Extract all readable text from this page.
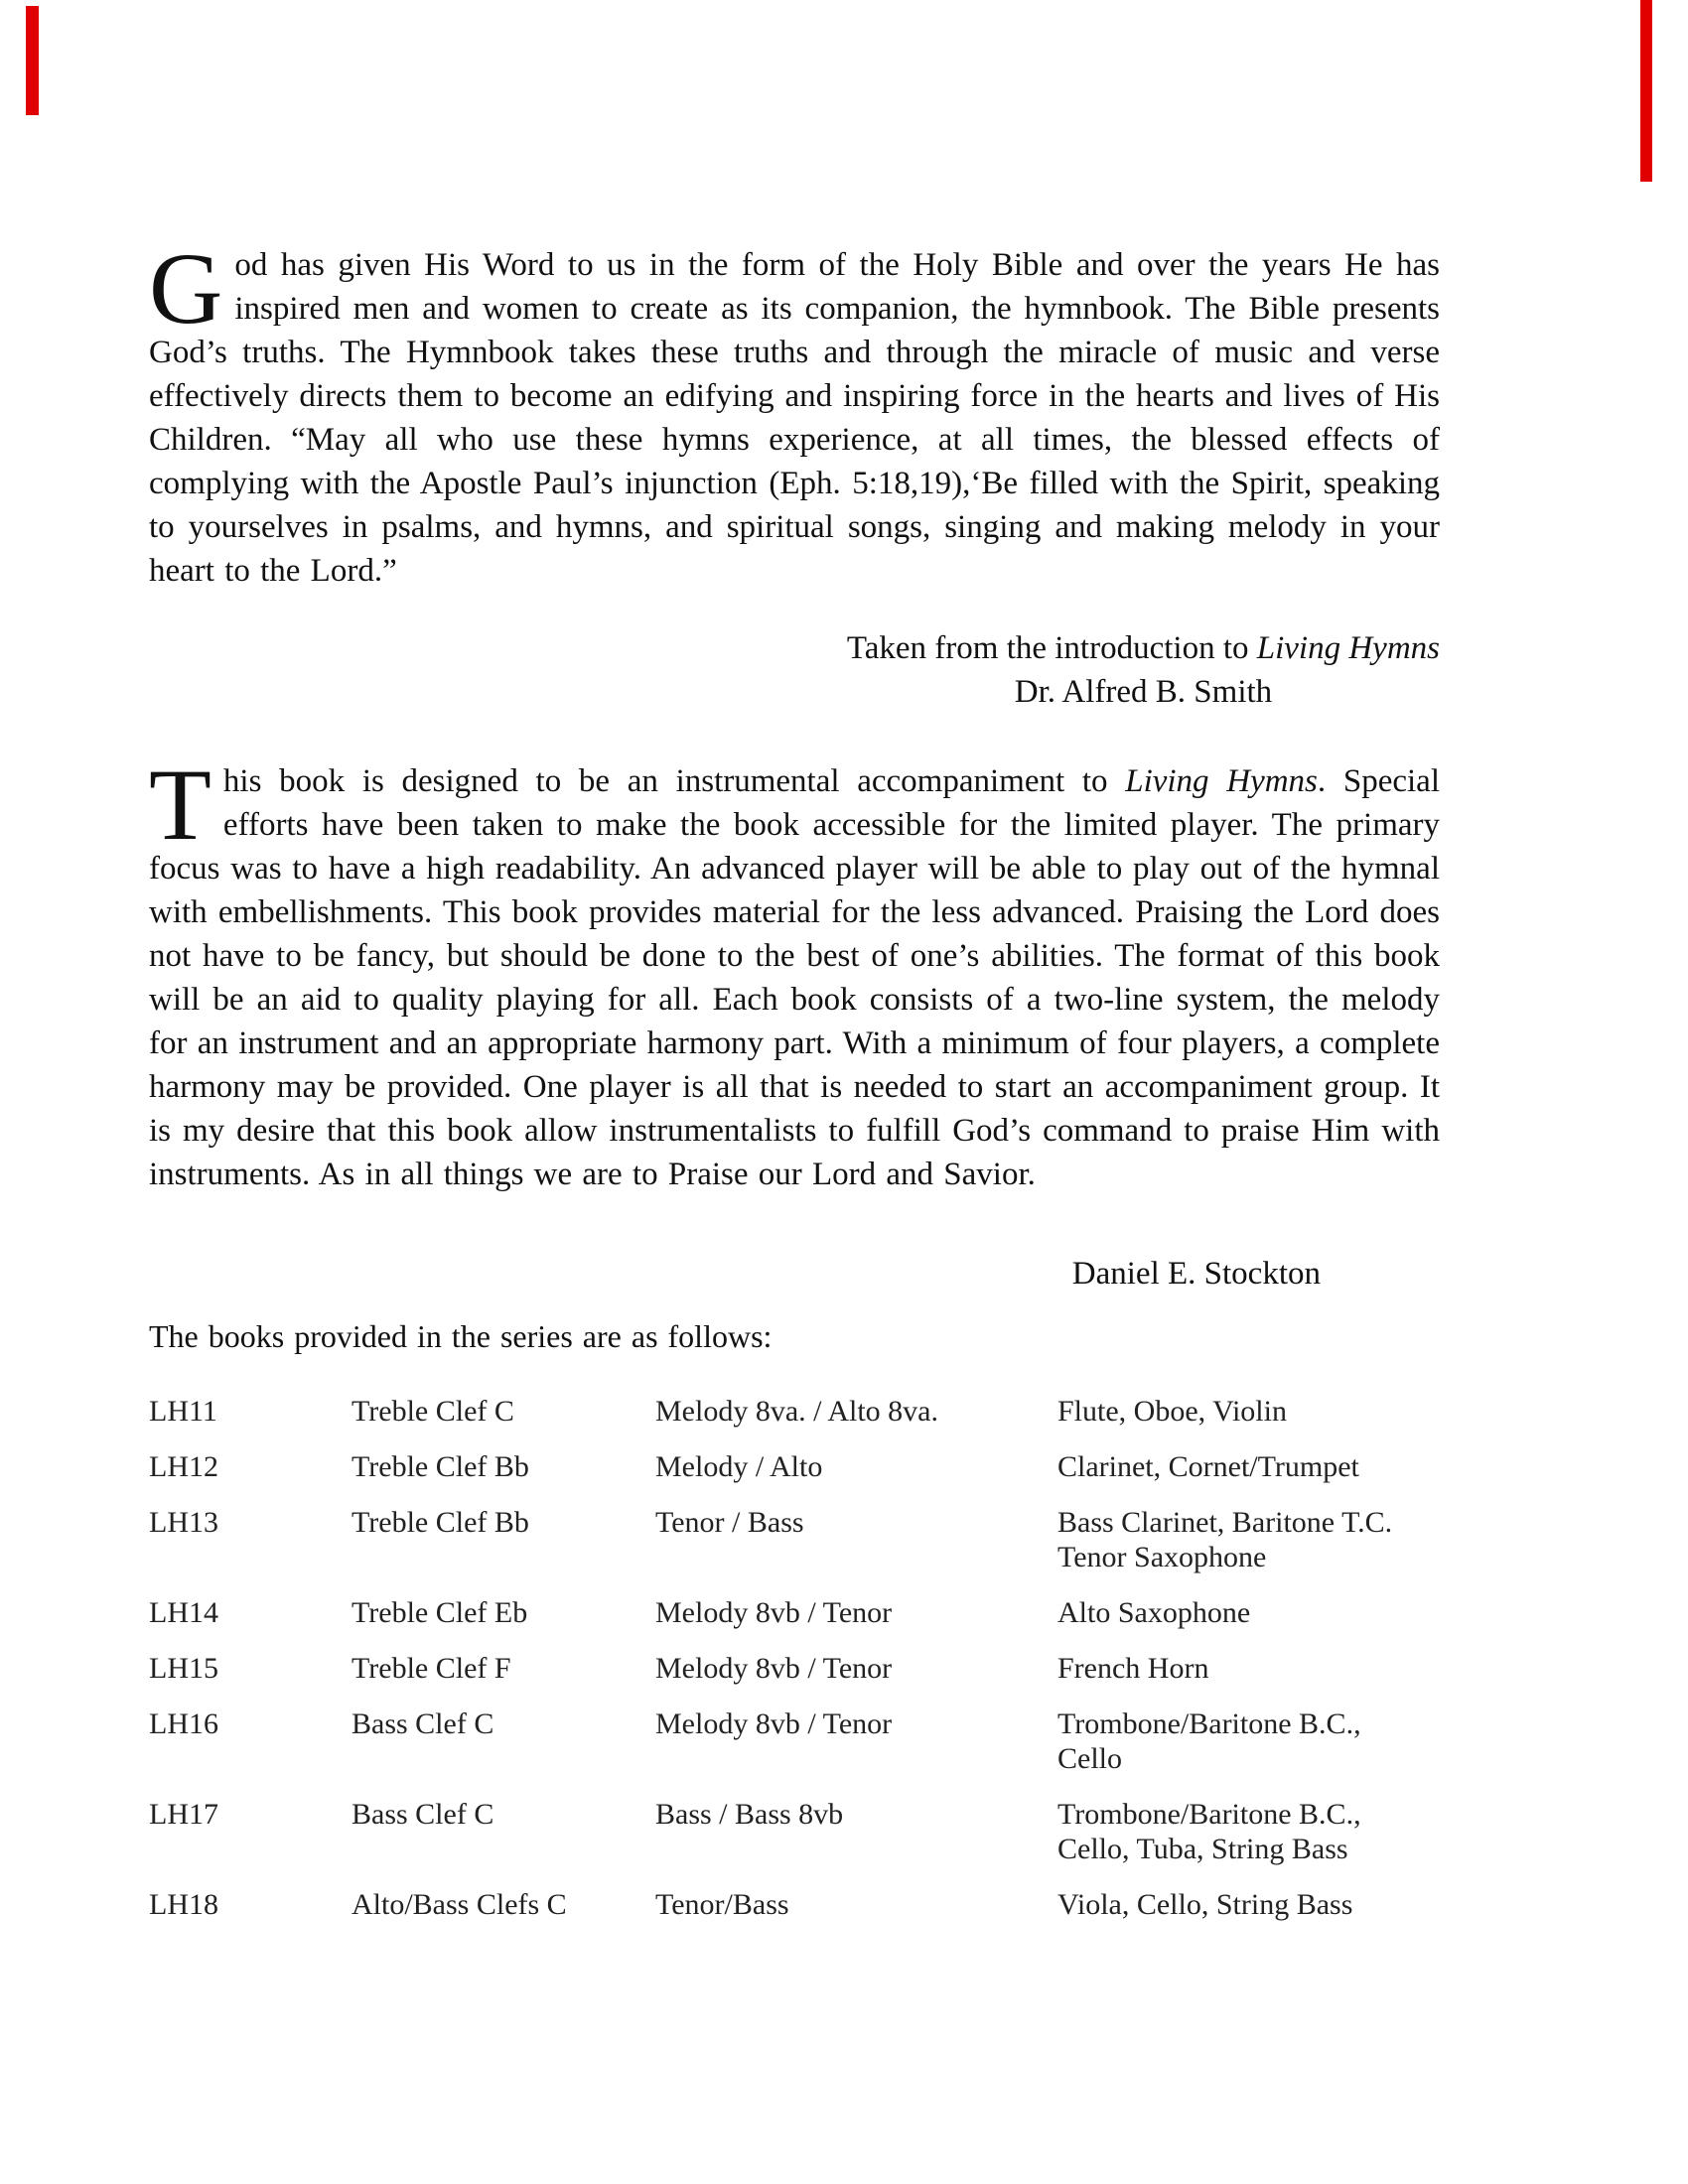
God has given His Word to us in the form of the Holy Bible and over the years He has inspired men and women to create as its companion, the hymnbook. The Bible presents God’s truths. The Hymnbook takes these truths and through the miracle of music and verse effectively directs them to become an edifying and inspiring force in the hearts and lives of His Children. “May all who use these hymns experience, at all times, the blessed effects of complying with the Apostle Paul’s injunction (Eph. 5:18,19),‘Be filled with the Spirit, speaking to yourselves in psalms, and hymns, and spiritual songs, singing and making melody in your heart to the Lord.”

Taken from the introduction to Living Hymns
Dr. Alfred B. Smith

This book is designed to be an instrumental accompaniment to Living Hymns. Special efforts have been taken to make the book accessible for the limited player. The primary focus was to have a high readability. An advanced player will be able to play out of the hymnal with embellishments. This book provides material for the less advanced. Praising the Lord does not have to be fancy, but should be done to the best of one’s abilities. The format of this book will be an aid to quality playing for all. Each book consists of a two-line system, the melody for an instrument and an appropriate harmony part. With a minimum of four players, a complete harmony may be provided. One player is all that is needed to start an accompaniment group. It is my desire that this book allow instrumentalists to fulfill God’s command to praise Him with instruments. As in all things we are to Praise our Lord and Savior.

Daniel E. Stockton
The books provided in the series are as follows:
LH11	Treble Clef C	Melody 8va. / Alto 8va.	Flute, Oboe, Violin
LH12	Treble Clef Bb	Melody / Alto	Clarinet, Cornet/Trumpet
LH13	Treble Clef Bb	Tenor / Bass	Bass Clarinet, Baritone T.C.
Tenor Saxophone
LH14	Treble Clef Eb	Melody 8vb / Tenor	Alto Saxophone
LH15	Treble Clef F	Melody 8vb / Tenor	French Horn
LH16	Bass Clef C	Melody 8vb / Tenor	Trombone/Baritone B.C.,
Cello
LH17	Bass Clef C	Bass / Bass 8vb	Trombone/Baritone B.C.,
Cello, Tuba, String Bass
LH18	Alto/Bass Clefs C	Tenor/Bass	Viola, Cello, String Bass
